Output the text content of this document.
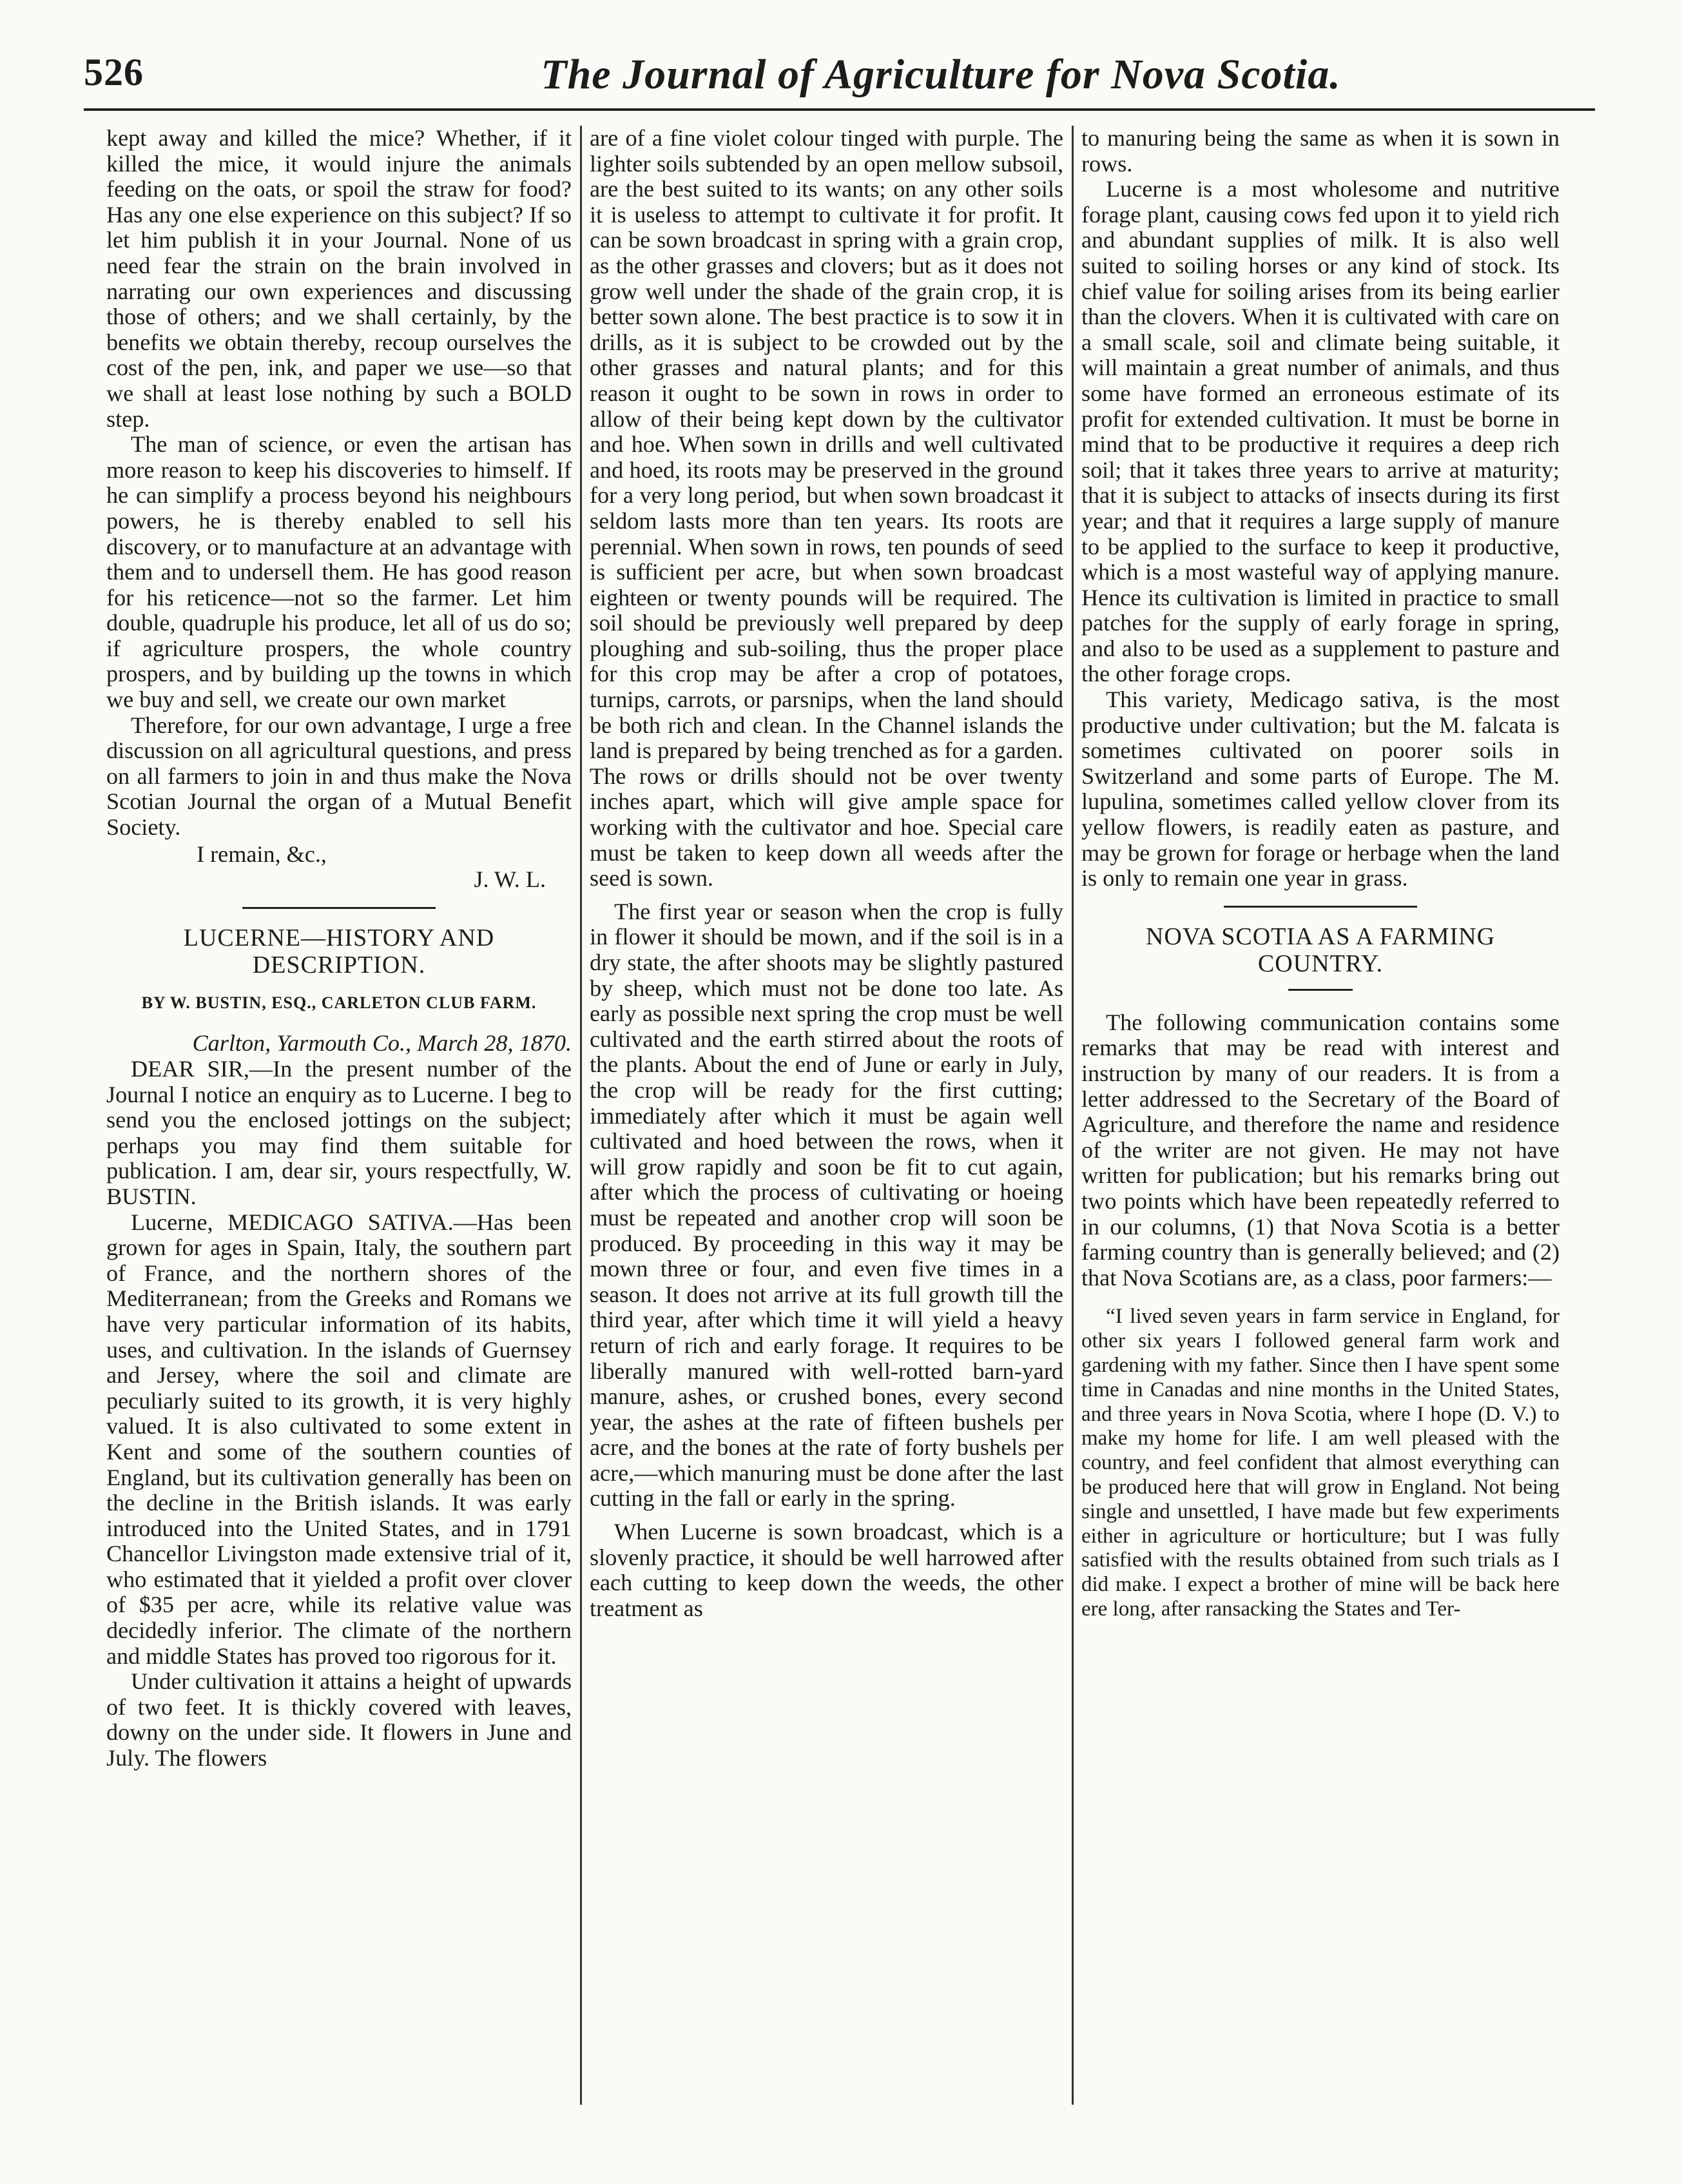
526	The Journal of Agriculture for Nova Scotia.

kept away and killed the mice? Whether, if it killed the mice, it would injure the animals feeding on the oats, or spoil the straw for food? Has any one else experience on this subject? If so let him publish it in your Journal. None of us need fear the strain on the brain involved in narrating our own experiences and discussing those of others; and we shall certainly, by the benefits we obtain thereby, recoup ourselves the cost of the pen, ink, and paper we use—so that we shall at least lose nothing by such a BOLD step.

The man of science, or even the artisan has more reason to keep his discoveries to himself. If he can simplify a process beyond his neighbours powers, he is thereby enabled to sell his discovery, or to manufacture at an advantage with them and to undersell them. He has good reason for his reticence—not so the farmer. Let him double, quadruple his produce, let all of us do so; if agriculture prospers, the whole country prospers, and by building up the towns in which we buy and sell, we create our own market

Therefore, for our own advantage, I urge a free discussion on all agricultural questions, and press on all farmers to join in and thus make the Nova Scotian Journal the organ of a Mutual Benefit Society.

I remain, &c.,

J. W. L.

LUCERNE—HISTORY AND DESCRIPTION.

BY W. BUSTIN, ESQ., CARLETON CLUB FARM.

Carlton, Yarmouth Co., March 28, 1870.

DEAR SIR,—In the present number of the Journal I notice an enquiry as to Lucerne. I beg to send you the enclosed jottings on the subject; perhaps you may find them suitable for publication. I am, dear sir, yours respectfully, W. BUSTIN.

Lucerne, MEDICAGO SATIVA.—Has been grown for ages in Spain, Italy, the southern part of France, and the northern shores of the Mediterranean; from the Greeks and Romans we have very particular information of its habits, uses, and cultivation. In the islands of Guernsey and Jersey, where the soil and climate are peculiarly suited to its growth, it is very highly valued. It is also cultivated to some extent in Kent and some of the southern counties of England, but its cultivation generally has been on the decline in the British islands. It was early introduced into the United States, and in 1791 Chancellor Livingston made extensive trial of it, who estimated that it yielded a profit over clover of $35 per acre, while its relative value was decidedly inferior. The climate of the northern and middle States has proved too rigorous for it.

Under cultivation it attains a height of upwards of two feet. It is thickly covered with leaves, downy on the under side. It flowers in June and July. The flowers

are of a fine violet colour tinged with purple. The lighter soils subtended by an open mellow subsoil, are the best suited to its wants; on any other soils it is useless to attempt to cultivate it for profit. It can be sown broadcast in spring with a grain crop, as the other grasses and clovers; but as it does not grow well under the shade of the grain crop, it is better sown alone. The best practice is to sow it in drills, as it is subject to be crowded out by the other grasses and natural plants; and for this reason it ought to be sown in rows in order to allow of their being kept down by the cultivator and hoe. When sown in drills and well cultivated and hoed, its roots may be preserved in the ground for a very long period, but when sown broadcast it seldom lasts more than ten years. Its roots are perennial. When sown in rows, ten pounds of seed is sufficient per acre, but when sown broadcast eighteen or twenty pounds will be required. The soil should be previously well prepared by deep ploughing and sub-soiling, thus the proper place for this crop may be after a crop of potatoes, turnips, carrots, or parsnips, when the land should be both rich and clean. In the Channel islands the land is prepared by being trenched as for a garden. The rows or drills should not be over twenty inches apart, which will give ample space for working with the cultivator and hoe. Special care must be taken to keep down all weeds after the seed is sown.

The first year or season when the crop is fully in flower it should be mown, and if the soil is in a dry state, the after shoots may be slightly pastured by sheep, which must not be done too late. As early as possible next spring the crop must be well cultivated and the earth stirred about the roots of the plants. About the end of June or early in July, the crop will be ready for the first cutting; immediately after which it must be again well cultivated and hoed between the rows, when it will grow rapidly and soon be fit to cut again, after which the process of cultivating or hoeing must be repeated and another crop will soon be produced. By proceeding in this way it may be mown three or four, and even five times in a season. It does not arrive at its full growth till the third year, after which time it will yield a heavy return of rich and early forage. It requires to be liberally manured with well-rotted barn-yard manure, ashes, or crushed bones, every second year, the ashes at the rate of fifteen bushels per acre, and the bones at the rate of forty bushels per acre,—which manuring must be done after the last cutting in the fall or early in the spring.

When Lucerne is sown broadcast, which is a slovenly practice, it should be well harrowed after each cutting to keep down the weeds, the other treatment as

to manuring being the same as when it is sown in rows.

Lucerne is a most wholesome and nutritive forage plant, causing cows fed upon it to yield rich and abundant supplies of milk. It is also well suited to soiling horses or any kind of stock. Its chief value for soiling arises from its being earlier than the clovers. When it is cultivated with care on a small scale, soil and climate being suitable, it will maintain a great number of animals, and thus some have formed an erroneous estimate of its profit for extended cultivation. It must be borne in mind that to be productive it requires a deep rich soil; that it takes three years to arrive at maturity; that it is subject to attacks of insects during its first year; and that it requires a large supply of manure to be applied to the surface to keep it productive, which is a most wasteful way of applying manure. Hence its cultivation is limited in practice to small patches for the supply of early forage in spring, and also to be used as a supplement to pasture and the other forage crops.

This variety, Medicago sativa, is the most productive under cultivation; but the M. falcata is sometimes cultivated on poorer soils in Switzerland and some parts of Europe. The M. lupulina, sometimes called yellow clover from its yellow flowers, is readily eaten as pasture, and may be grown for forage or herbage when the land is only to remain one year in grass.

NOVA SCOTIA AS A FARMING COUNTRY.

The following communication contains some remarks that may be read with interest and instruction by many of our readers. It is from a letter addressed to the Secretary of the Board of Agriculture, and therefore the name and residence of the writer are not given. He may not have written for publication; but his remarks bring out two points which have been repeatedly referred to in our columns, (1) that Nova Scotia is a better farming country than is generally believed; and (2) that Nova Scotians are, as a class, poor farmers:—

“I lived seven years in farm service in England, for other six years I followed general farm work and gardening with my father. Since then I have spent some time in Canadas and nine months in the United States, and three years in Nova Scotia, where I hope (D. V.) to make my home for life. I am well pleased with the country, and feel confident that almost everything can be produced here that will grow in England. Not being single and unsettled, I have made but few experiments either in agriculture or horticulture; but I was fully satisfied with the results obtained from such trials as I did make. I expect a brother of mine will be back here ere long, after ransacking the States and Ter-
